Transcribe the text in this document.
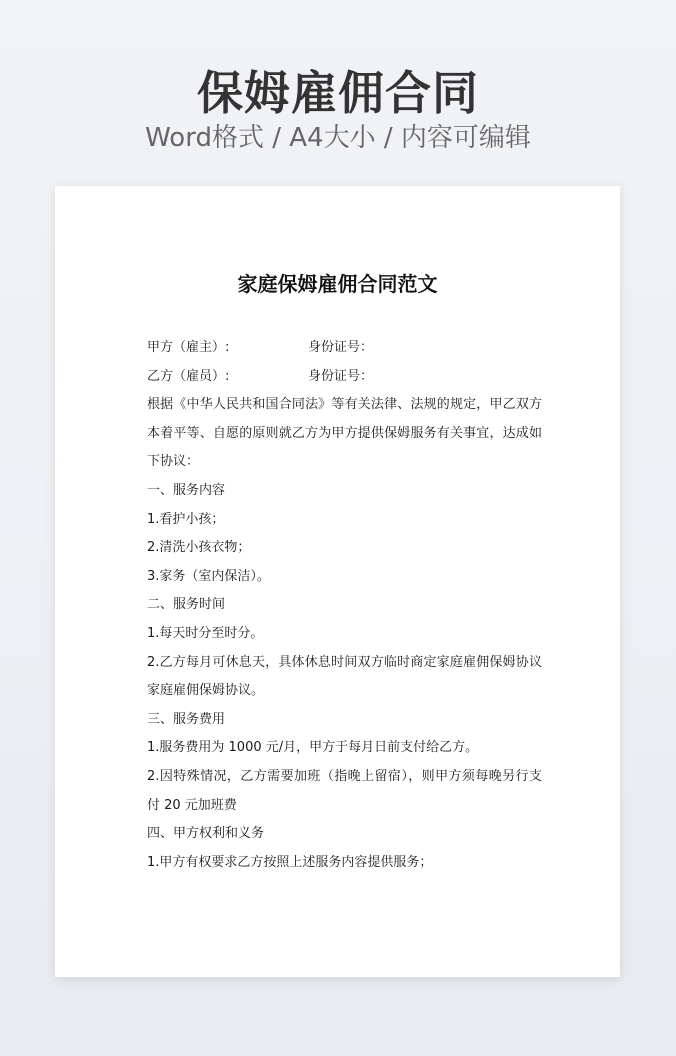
保姆雇佣合同
Word格式 / A4大小 / 内容可编辑
家庭保姆雇佣合同范文
甲方（雇主）:	身份证号：
乙方（雇员）:	身份证号：

根据《中华人民共和国合同法》等有关法律、法规的规定，甲乙双方本着平等、自愿的原则就乙方为甲方提供保姆服务有关事宜，达成如下协议：

一、服务内容

1.看护小孩；

2.清洗小孩衣物；

3.家务（室内保洁）。

二、服务时间

1.每天时分至时分。

2.乙方每月可休息天，具体休息时间双方临时商定家庭雇佣保姆协议家庭雇佣保姆协议。

三、服务费用

1.服务费用为 1000 元/月，甲方于每月日前支付给乙方。

2.因特殊情况，乙方需要加班（指晚上留宿），则甲方须每晚另行支付 20 元加班费

四、甲方权利和义务

1.甲方有权要求乙方按照上述服务内容提供服务；
